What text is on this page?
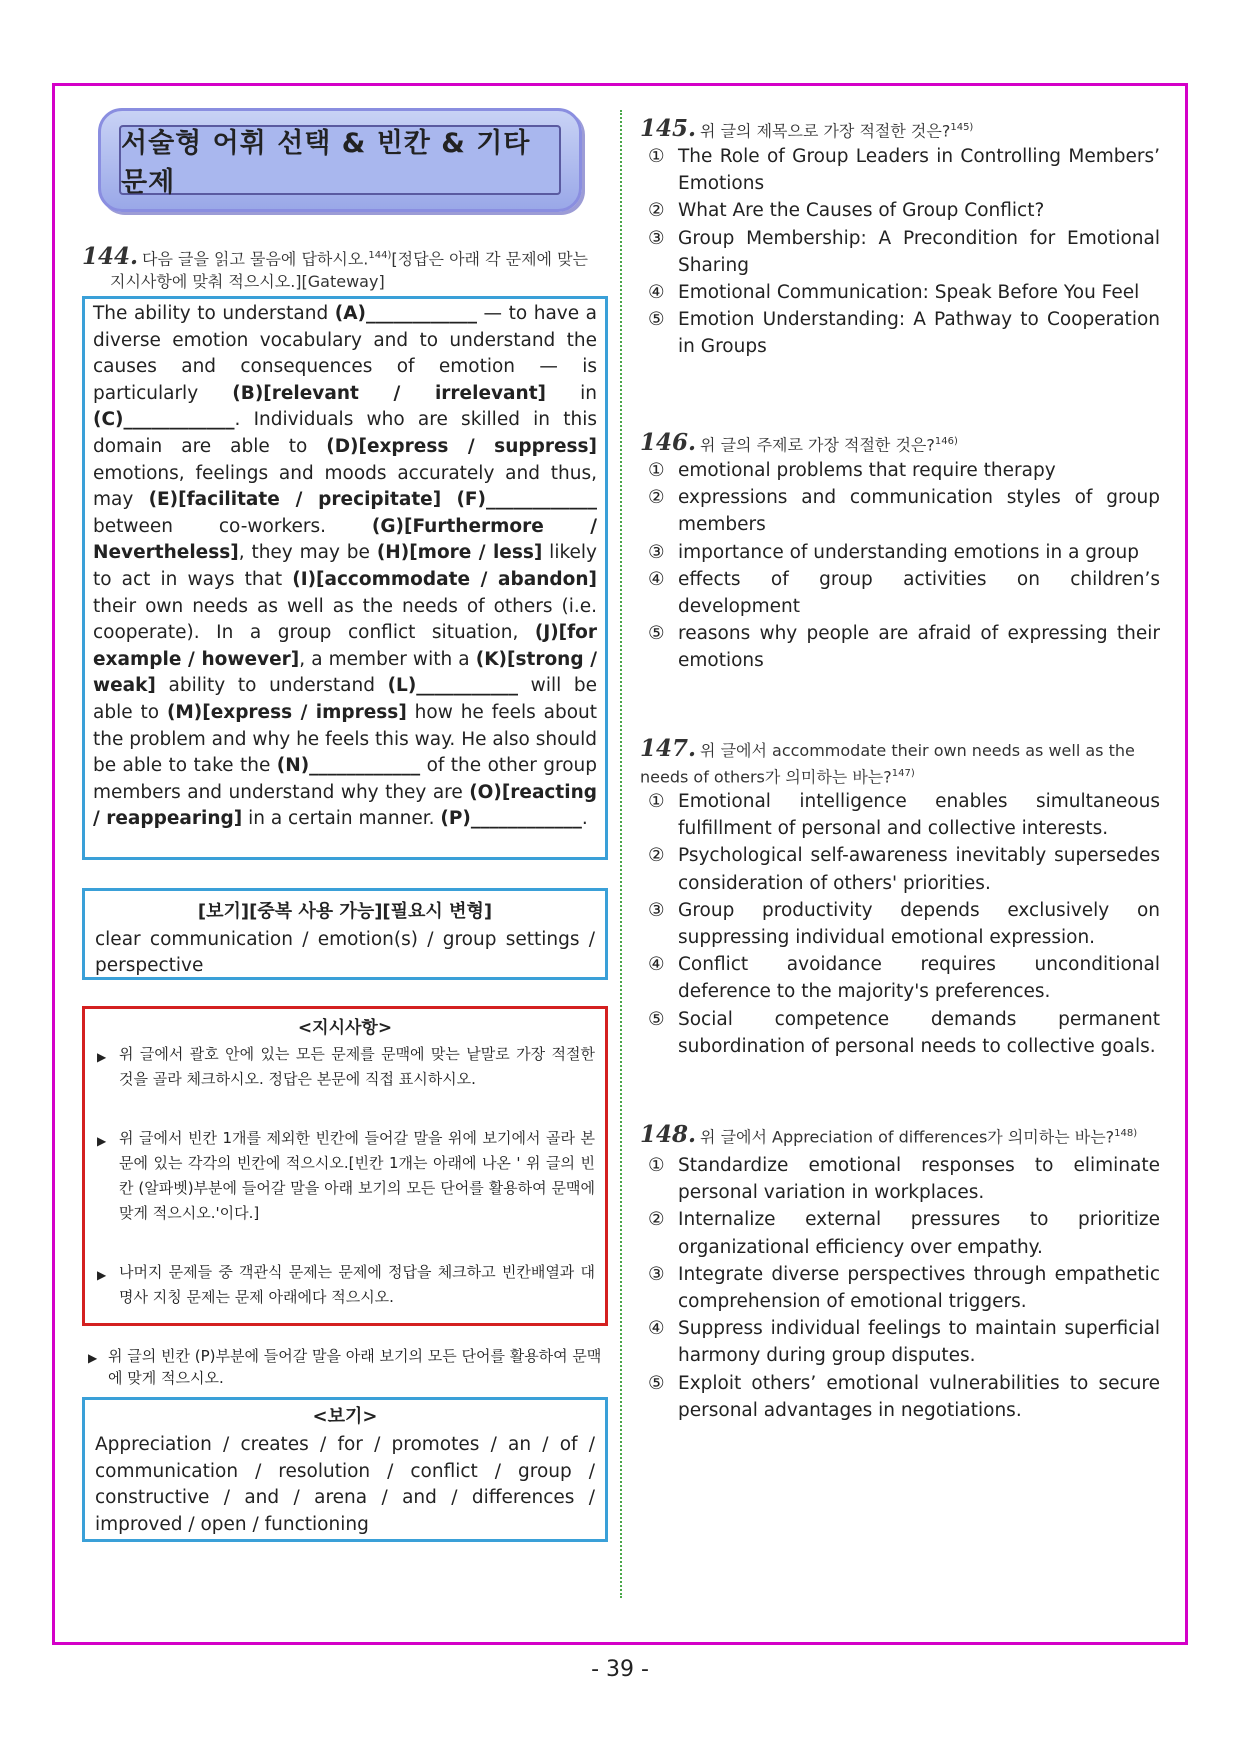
서술형 어휘 선택 & 빈칸 & 기타 문제
144. 다음 글을 읽고 물음에 답하시오.$^{144)}$[정답은 아래 각 문제에 맞는
지시사항에 맞춰 적으시오.][Gateway]
The ability to understand (A)____________ — to have a diverse emotion vocabulary and to understand the causes and consequences of emotion — is particularly (B)[relevant / irrelevant] in (C)____________. Individuals who are skilled in this domain are able to (D)[express / suppress] emotions, feelings and moods accurately and thus, may (E)[facilitate / precipitate] (F)____________ between co-workers. (G)[Furthermore / Nevertheless], they may be (H)[more / less] likely to act in ways that (I)[accommodate / abandon] their own needs as well as the needs of others (i.e. cooperate). In a group conflict situation, (J)[for example / however], a member with a (K)[strong / weak] ability to understand (L)___________ will be able to (M)[express / impress] how he feels about the problem and why he feels this way. He also should be able to take the (N)____________ of the other group members and understand why they are (O)[reacting / reappearing] in a certain manner. (P)____________.
[보기][중복 사용 가능][필요시 변형]
clear communication / emotion(s) / group settings / perspective
<지시사항>
▶ 위 글에서 괄호 안에 있는 모든 문제를 문맥에 맞는 낱말로 가장 적절한 것을 골라 체크하시오. 정답은 본문에 직접 표시하시오.
▶ 위 글에서 빈칸 1개를 제외한 빈칸에 들어갈 말을 위에 보기에서 골라 본문에 있는 각각의 빈칸에 적으시오.[빈칸 1개는 아래에 나온 ' 위 글의 빈칸 (알파벳)부분에 들어갈 말을 아래 보기의 모든 단어를 활용하여 문맥에 맞게 적으시오.'이다.]
▶ 나머지 문제들 중 객관식 문제는 문제에 정답을 체크하고 빈칸배열과 대명사 지칭 문제는 문제 아래에다 적으시오.
▶ 위 글의 빈칸 (P)부분에 들어갈 말을 아래 보기의 모든 단어를 활용하여 문맥에 맞게 적으시오.
<보기>
Appreciation / creates / for / promotes / an / of / communication / resolution / conflict / group / constructive / and / arena / and / differences / improved / open / functioning
145. 위 글의 제목으로 가장 적절한 것은?$^{145)}$
① The Role of Group Leaders in Controlling Members’ Emotions
② What Are the Causes of Group Conflict?
③ Group Membership: A Precondition for Emotional Sharing
④ Emotional Communication: Speak Before You Feel
⑤ Emotion Understanding: A Pathway to Cooperation in Groups
146. 위 글의 주제로 가장 적절한 것은?$^{146)}$
① emotional problems that require therapy
② expressions and communication styles of group members
③ importance of understanding emotions in a group
④ effects of group activities on children’s development
⑤ reasons why people are afraid of expressing their emotions
147. 위 글에서 accommodate their own needs as well as the needs of others가 의미하는 바는?$^{147)}$
① Emotional intelligence enables simultaneous fulfillment of personal and collective interests.
② Psychological self-awareness inevitably supersedes consideration of others' priorities.
③ Group productivity depends exclusively on suppressing individual emotional expression.
④ Conflict avoidance requires unconditional deference to the majority's preferences.
⑤ Social competence demands permanent subordination of personal needs to collective goals.
148. 위 글에서 Appreciation of differences가 의미하는 바는?$^{148)}$
① Standardize emotional responses to eliminate personal variation in workplaces.
② Internalize external pressures to prioritize organizational efficiency over empathy.
③ Integrate diverse perspectives through empathetic comprehension of emotional triggers.
④ Suppress individual feelings to maintain superficial harmony during group disputes.
⑤ Exploit others’ emotional vulnerabilities to secure personal advantages in negotiations.
- 39 -
